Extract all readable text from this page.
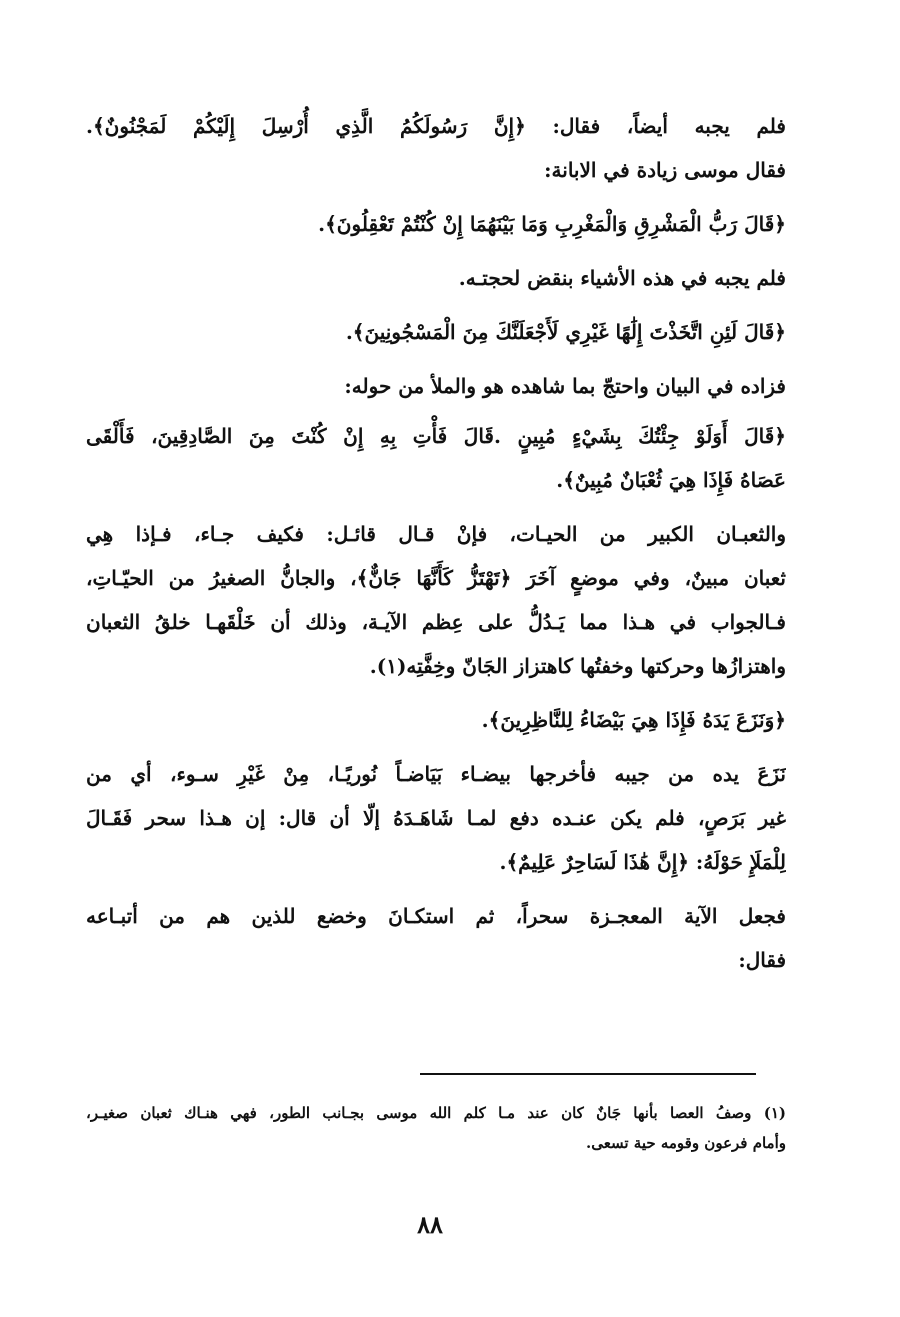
فلم يجبه أيضاً، فقال: ﴿إِنَّ رَسُولَكُمُ الَّذِي أُرْسِلَ إِلَيْكُمْ لَمَجْنُونٌ﴾.

فقال موسى زيادة في الابانة:

﴿قَالَ رَبُّ الْمَشْرِقِ وَالْمَغْرِبِ وَمَا بَيْنَهُمَا إِنْ كُنْتُمْ تَعْقِلُونَ﴾.

فلم يجبه في هذه الأشياء بنقض لحجتـه.

﴿قَالَ لَئِنِ اتَّخَذْتَ إِلَٰهًا غَيْرِي لَأَجْعَلَنَّكَ مِنَ الْمَسْجُونِينَ﴾.

فزاده في البيان واحتجّ بما شاهده هو والملأ من حوله:

﴿قَالَ أَوَلَوْ جِئْتُكَ بِشَيْءٍ مُبِينٍ .قَالَ فَأْتِ بِهِ إِنْ كُنْتَ مِنَ الصَّادِقِينَ، فَأَلْقَى

عَصَاهُ فَإِذَا هِيَ ثُعْبَانٌ مُبِينٌ﴾.

والثعبـان الكبير من الحيـات، فإنْ قـال قائـل: فكيف جـاء، فـإذا هِي

ثعبان مبينٌ، وفي موضعٍ آخَرَ ﴿تَهْتَزُّ كَأَنَّهَا جَانٌّ﴾، والجانُّ الصغيرُ من الحيّـاتِ،

فـالجواب في هـذا مما يَـدُلُّ على عِظم الآيـة، وذلك أن خَلْقَهـا خلقُ الثعبان

واهتزازُها وحركتها وخفتُها كاهتزاز الجَانّ وخِفَّتِه(١).

﴿وَنَزَعَ يَدَهُ فَإِذَا هِيَ بَيْضَاءُ لِلنَّاظِرِينَ﴾.

نَزَعَ يده من جيبه فأخرجها بيضـاء بَيَاضـاً نُوريًـا، مِنْ غَيْرِ سـوء، أي من

غير بَرَصٍ، فلم يكن عنـده دفع لمـا شَاهَـدَهُ إلّا أن قال: إن هـذا سحر فَقَـالَ

لِلْمَلَإِ حَوْلَهُ: ﴿إِنَّ هَٰذَا لَسَاحِرٌ عَلِيمٌ﴾.

فجعل الآية المعجـزة سحراً، ثم استكـانَ وخضع للذين هم من أتبـاعه

فقال:

(١) وصفُ العصا بأنها جَانٌ كان عند مـا كلم الله موسى بجـانب الطور، فهي هنـاك ثعبان صغيـر،

وأمام فرعون وقومه حية تسعى.

٨٨
